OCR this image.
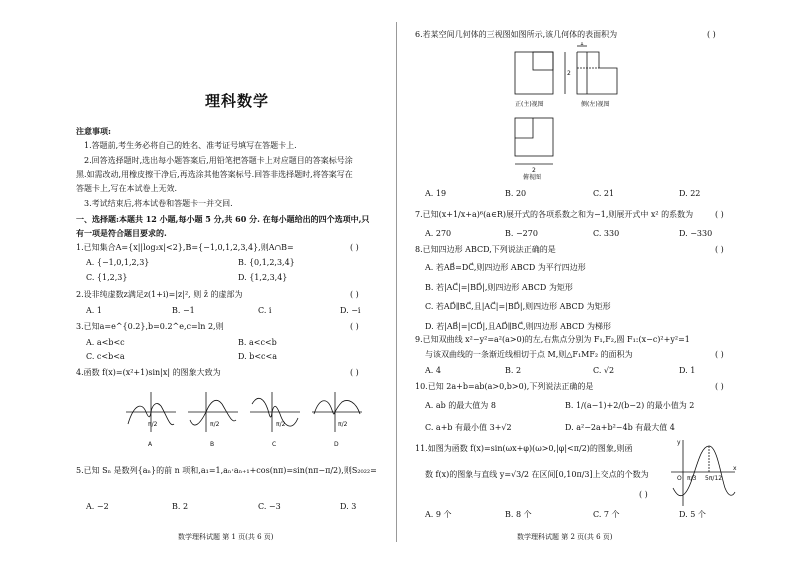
理科数学
注意事项:
1.答题前,考生务必将自己的姓名、准考证号填写在答题卡上.
2.回答选择题时,选出每小题答案后,用铅笔把答题卡上对应题目的答案标号涂
黑.如需改动,用橡皮擦干净后,再选涂其他答案标号.回答非选择题时,将答案写在
答题卡上,写在本试卷上无效.
3.考试结束后,将本试卷和答题卡一并交回.
一、选择题:本题共 12 小题,每小题 5 分,共 60 分. 在每小题给出的四个选项中,只
有一项是符合题目要求的.
1.已知集合A={x||log₂x|<2},B={−1,0,1,2,3,4},则A∩B=	( )
A. {−1,0,1,2,3}	B. {0,1,2,3,4}
C. {1,2,3}	D. {1,2,3,4}
2.设非纯虚数z满足z(1+i)=|z|², 则 z̄ 的虚部为	( )
A. 1	B. −1	C. i	D. −i
3.已知a=e^{0.2},b=0.2^e,c=ln 2,则	( )
A. a<b<c	B. a<c<b
C. c<b<a	D. b<c<a
4.函数 f(x)=(x²+1)sin|x| 的图象大致为	( )
π/2	π/2	π/2	π/2
A	B	C	D
5.已知 Sₙ 是数列{aₙ}的前 n 项和,a₁=1,aₙ·aₙ₊₁+cos(nπ)=sin(nπ−π/2),则S₂₀₂₂=
A. −2	B. 2	C. −3	D. 3
数学理科试题 第 1 页(共 6 页)
6.若某空间几何体的三视图如图所示,该几何体的表面积为	( )
1
2
2
正(主)视图	侧(左)视图
俯视图
A. 19	B. 20	C. 21	D. 22
7.已知(x+1/x+a)⁶(a∈R)展开式的各项系数之和为−1,则展开式中 x² 的系数为	( )
A. 270	B. −270	C. 330	D. −330
8.已知四边形 ABCD,下列说法正确的是	( )
A. 若AB⃗=DC⃗,则四边形 ABCD 为平行四边形
B. 若|AC⃗|=|BD⃗|,则四边形 ABCD 为矩形
C. 若AD⃗∥BC⃗,且|AC⃗|=|BD⃗|,则四边形 ABCD 为矩形
D. 若|AB⃗|=|CD⃗|,且AD⃗∥BC⃗,则四边形 ABCD 为梯形
9.已知双曲线 x²−y²=a²(a>0)的左,右焦点分别为 F₁,F₂,圆 F₁:(x−c)²+y²=1
与该双曲线的一条渐近线相切于点 M,则△F₁MF₂ 的面积为	( )
A. 4	B. 2	C. √2	D. 1
10.已知 2a+b=ab(a>0,b>0),下列说法正确的是	( )
A. ab 的最大值为 8	B. 1/(a−1)+2/(b−2) 的最小值为 2
C. a+b 有最小值 3+√2	D. a²−2a+b²−4b 有最大值 4
11.如图为函数 f(x)=sin(ωx+φ)(ω>0,|φ|<π/2)的图象,则函
数 f(x)的图象与直线 y=√3/2 在区间[0,10π/3]上交点的个数为
( )
y
x
O π/3 5π/12
A. 9 个	B. 8 个	C. 7 个	D. 5 个
数学理科试题 第 2 页(共 6 页)
